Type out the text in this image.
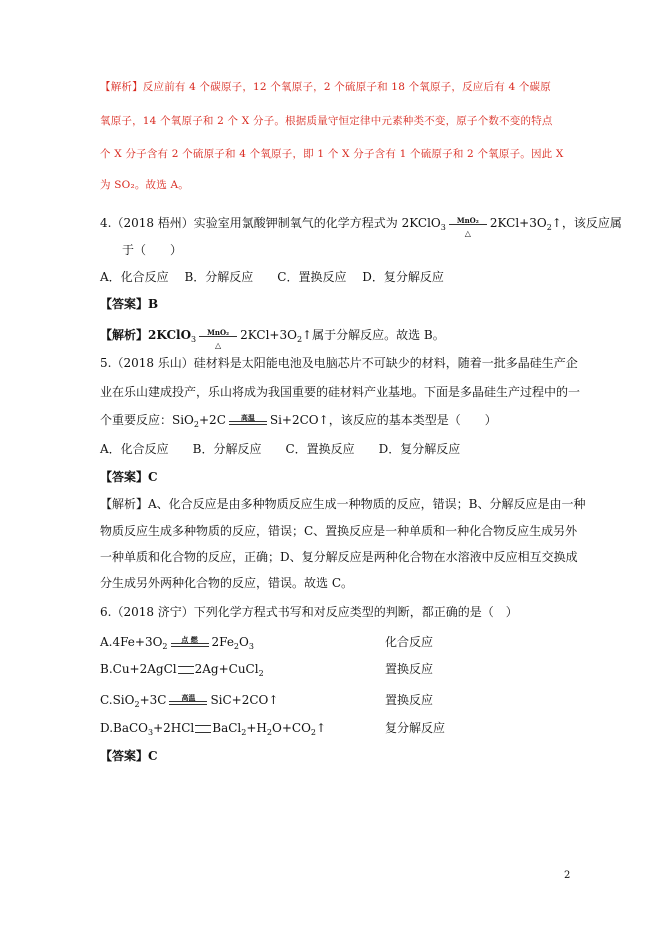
【解析】反应前有 4 个碳原子，12 个氧原子，2 个硫原子和 18 个氧原子，反应后有 4 个碳原
氧原子，14 个氧原子和 2 个 X 分子。根据质量守恒定律中元素种类不变，原子个数不变的特点
个 X 分子含有 2 个硫原子和 4 个氧原子，即 1 个 X 分子含有 1 个硫原子和 2 个氧原子。因此 X
为 SO₂。故选 A。
4.（2018 梧州）实验室用氯酸钾制氧气的化学方程式为 2KClO$_3$
MnO₂
△
$2KCl+3O_2↑$，该反应属
于（　　）
A．化合反应　 B．分解反应　　C．置换反应　 D．复分解反应
【答案】B
【解析】2KClO$_3$
MnO₂
△
$2KCl+3O_2↑$属于分解反应。故选 B。
5.（2018 乐山）硅材料是太阳能电池及电脑芯片不可缺少的材料，随着一批多晶硅生产企
业在乐山建成投产，乐山将成为我国重要的硅材料产业基地。下面是多晶硅生产过程中的一
个重要反应：SiO$_2$+2C	高温	Si+2CO↑，该反应的基本类型是（　　）
A．化合反应　　B．分解反应　　C．置换反应　　D．复分解反应
【答案】C
【解析】A、化合反应是由多种物质反应生成一种物质的反应，错误；B、分解反应是由一种
物质反应生成多种物质的反应，错误；C、置换反应是一种单质和一种化合物反应生成另外
一种单质和化合物的反应，正确；D、复分解反应是两种化合物在水溶液中反应相互交换成
分生成另外两种化合物的反应，错误。故选 C。
6.（2018 济宁）下列化学方程式书写和对反应类型的判断，都正确的是（　）
$A.4Fe+3O_2$
点 燃	$2Fe_2O_3$	化合反应
B.Cu+2AgCl 2Ag+CuCl$_2$	置换反应
C.SiO$_2$+3C	高温	SiC+2CO↑	置换反应
D.BaCO$_3$+2HCl $BaCl_2+H_2O+CO_2↑$	复分解反应
【答案】C
2
